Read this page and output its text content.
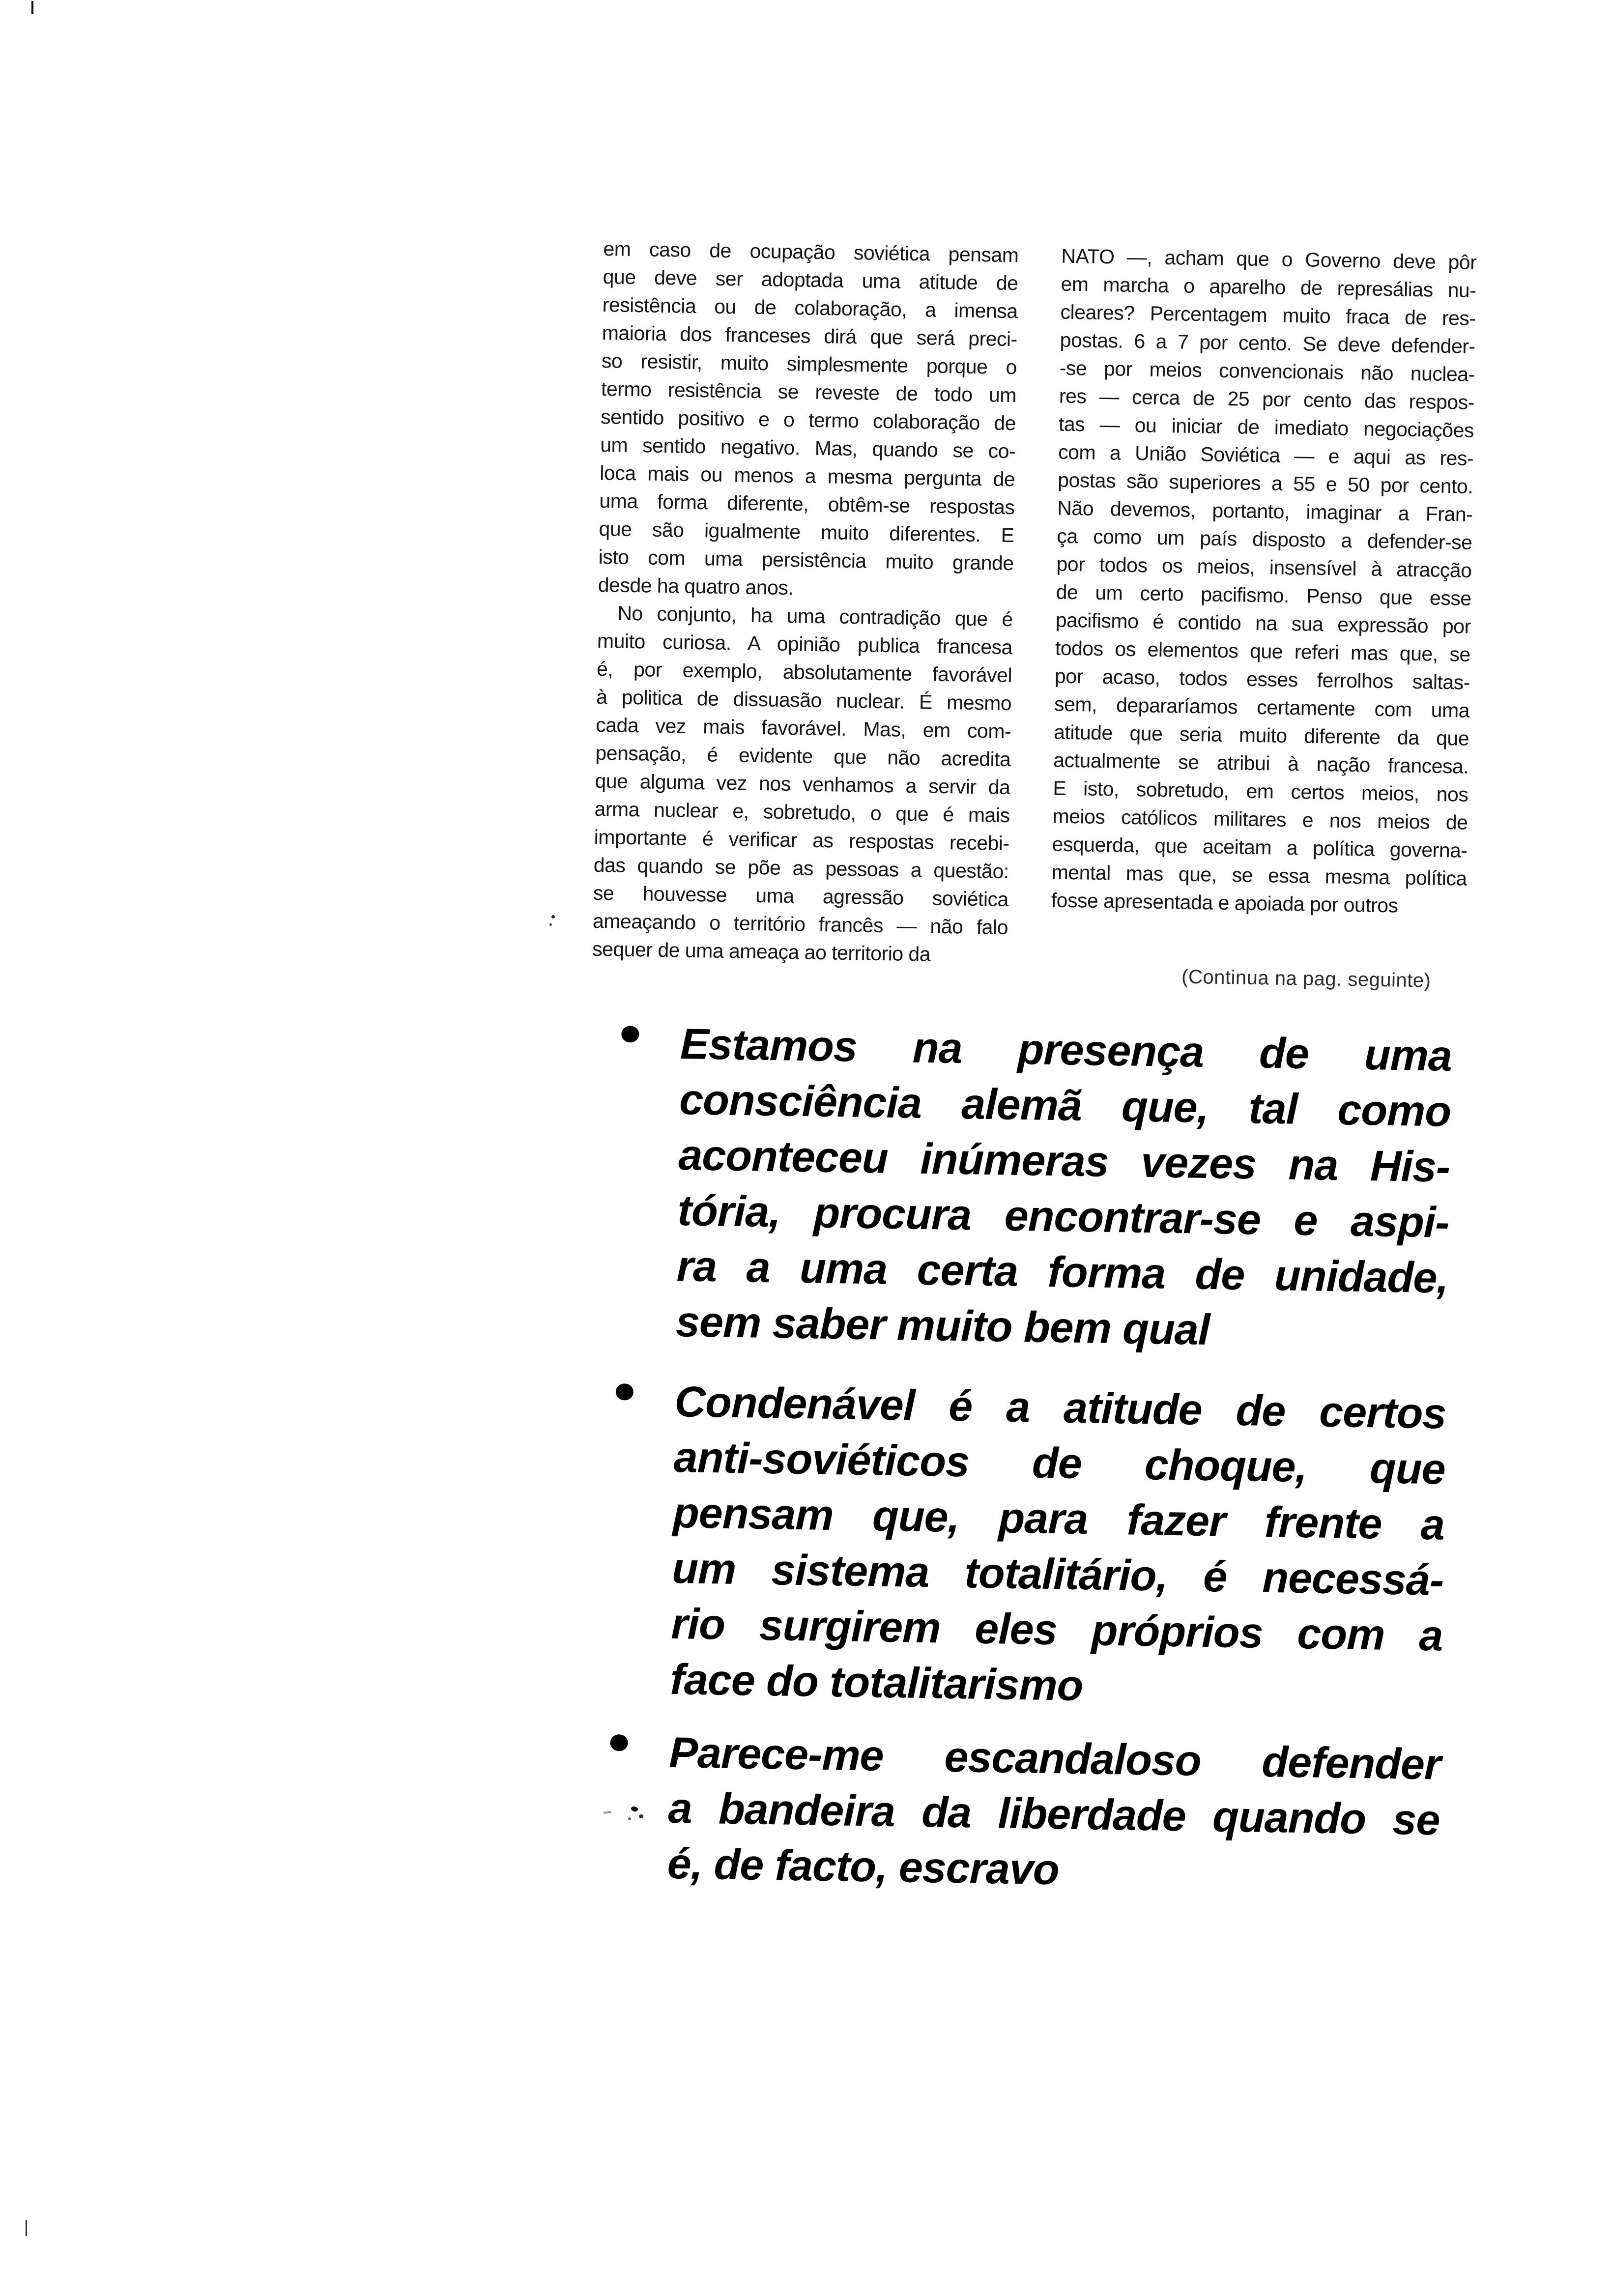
em caso de ocupação soviética pensam
que deve ser adoptada uma atitude de
resistência ou de colaboração, a imensa
maioria dos franceses dirá que será preci-
so resistir, muito simplesmente porque o
termo resistência se reveste de todo um
sentido positivo e o termo colaboração de
um sentido negativo. Mas, quando se co-
loca mais ou menos a mesma pergunta de
uma forma diferente, obtêm-se respostas
que são igualmente muito diferentes. E
isto com uma persistência muito grande
desde ha quatro anos.
 No conjunto, ha uma contradição que é
muito curiosa. A opinião publica francesa
é, por exemplo, absolutamente favorável
à politica de dissuasão nuclear. É mesmo
cada vez mais favorável. Mas, em com-
pensação, é evidente que não acredita
que alguma vez nos venhamos a servir da
arma nuclear e, sobretudo, o que é mais
importante é verificar as respostas recebi-
das quando se põe as pessoas a questão:
se houvesse uma agressão soviética
ameaçando o território francês — não falo
sequer de uma ameaça ao territorio da
NATO —, acham que o Governo deve pôr
em marcha o aparelho de represálias nu-
cleares? Percentagem muito fraca de res-
postas. 6 a 7 por cento. Se deve defender-
-se por meios convencionais não nuclea-
res — cerca de 25 por cento das respos-
tas — ou iniciar de imediato negociações
com a União Soviética — e aqui as res-
postas são superiores a 55 e 50 por cento.
Não devemos, portanto, imaginar a Fran-
ça como um país disposto a defender-se
por todos os meios, insensível à atracção
de um certo pacifismo. Penso que esse
pacifismo é contido na sua expressão por
todos os elementos que referi mas que, se
por acaso, todos esses ferrolhos saltas-
sem, depararíamos certamente com uma
atitude que seria muito diferente da que
actualmente se atribui à nação francesa.
E isto, sobretudo, em certos meios, nos
meios católicos militares e nos meios de
esquerda, que aceitam a política governa-
mental mas que, se essa mesma política
fosse apresentada e apoiada por outros
(Continua na pag. seguinte)
Estamos na presença de uma
consciência alemã que, tal como
aconteceu inúmeras vezes na His-
tória, procura encontrar-se e aspi-
ra a uma certa forma de unidade,
sem saber muito bem qual
Condenável é a atitude de certos
anti-soviéticos de choque, que
pensam que, para fazer frente a
um sistema totalitário, é necessá-
rio surgirem eles próprios com a
face do totalitarismo
Parece-me escandaloso defender
a bandeira da liberdade quando se
é, de facto, escravo
